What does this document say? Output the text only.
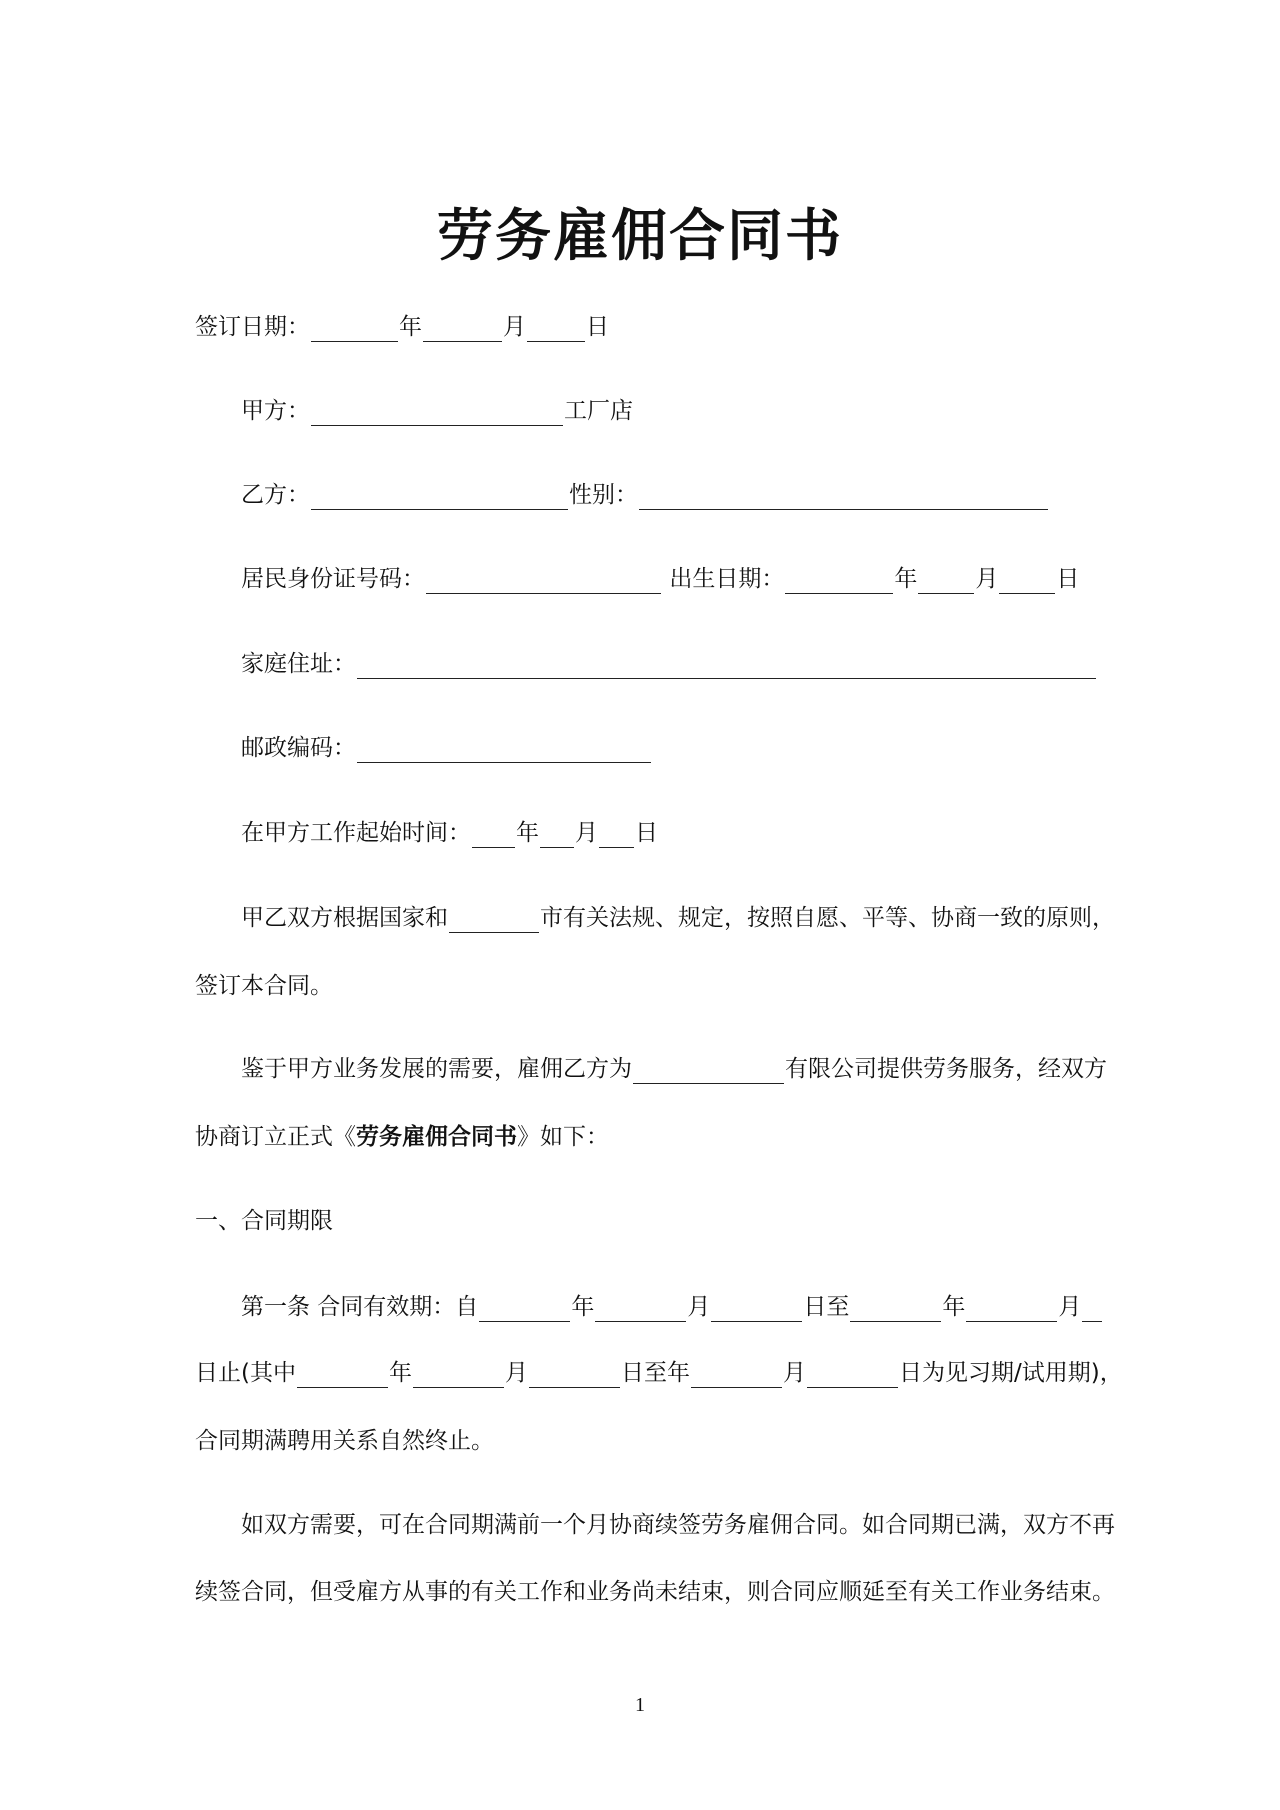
劳务雇佣合同书
签订日期：	年	月	日
甲方：	工厂店
乙方：	性别：
居民身份证号码：	出生日期：	年	月	日
家庭住址：
邮政编码：
在甲方工作起始时间： 年 月 日
甲乙双方根据国家和	市有关法规、规定，按照自愿、平等、协商一致的原则，
签订本合同。
鉴于甲方业务发展的需要，雇佣乙方为	有限公司提供劳务服务，经双方
协商订立正式《劳务雇佣合同书》如下：
一、合同期限
第一条 合同有效期：自	年	月	日至	年	月
日止(其中	年	月	日至年	月	日为见习期/试用期)，
合同期满聘用关系自然终止。
如双方需要，可在合同期满前一个月协商续签劳务雇佣合同。如合同期已满，双方不再
续签合同，但受雇方从事的有关工作和业务尚未结束，则合同应顺延至有关工作业务结束。
1
